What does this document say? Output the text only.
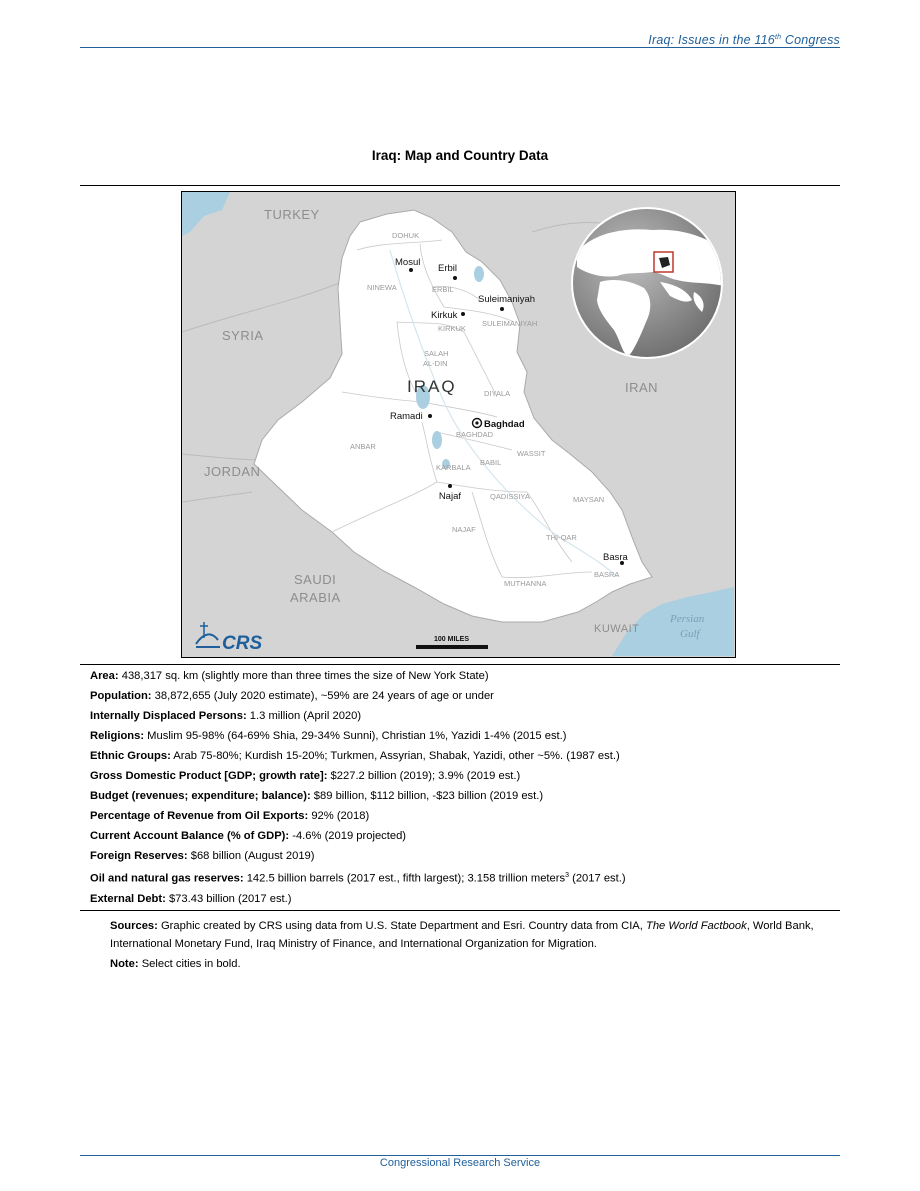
Iraq: Issues in the 116th Congress
Iraq: Map and Country Data
TURKEY
SYRIA
IRAN
JORDAN
SAUDI
ARABIA
KUWAIT
IRAQ
DOHUK
NINEWA	ERBIL
KIRKUK
SULEIMANIYAH
SALAH
AL-DIN
DIYALA
BAGHDAD
ANBAR
WASSIT
BABIL
KARBALA
QADISSIYA	MAYSAN
NAJAF
THI-QAR
BASRA
MUTHANNA
Mosul
Erbil
Suleimaniyah
Kirkuk
Ramadi
Baghdad
Najaf
Basra
Persian
Gulf
100 MILES
CRS
Area: 438,317 sq. km (slightly more than three times the size of New York State)
Population: 38,872,655 (July 2020 estimate), ~59% are 24 years of age or under
Internally Displaced Persons: 1.3 million (April 2020)
Religions: Muslim 95-98% (64-69% Shia, 29-34% Sunni), Christian 1%, Yazidi 1-4% (2015 est.)
Ethnic Groups: Arab 75-80%; Kurdish 15-20%; Turkmen, Assyrian, Shabak, Yazidi, other ~5%. (1987 est.)
Gross Domestic Product [GDP; growth rate]: $227.2 billion (2019); 3.9% (2019 est.)
Budget (revenues; expenditure; balance): $89 billion, $112 billion, -$23 billion (2019 est.)
Percentage of Revenue from Oil Exports: 92% (2018)
Current Account Balance (% of GDP): -4.6% (2019 projected)
Foreign Reserves: $68 billion (August 2019)
Oil and natural gas reserves: 142.5 billion barrels (2017 est., fifth largest); 3.158 trillion meters$^3$ (2017 est.)
External Debt: $73.43 billion (2017 est.)

Sources: Graphic created by CRS using data from U.S. State Department and Esri. Country data from CIA, The World Factbook, World Bank, International Monetary Fund, Iraq Ministry of Finance, and International Organization for Migration.

Note: Select cities in bold.

Congressional Research Service
